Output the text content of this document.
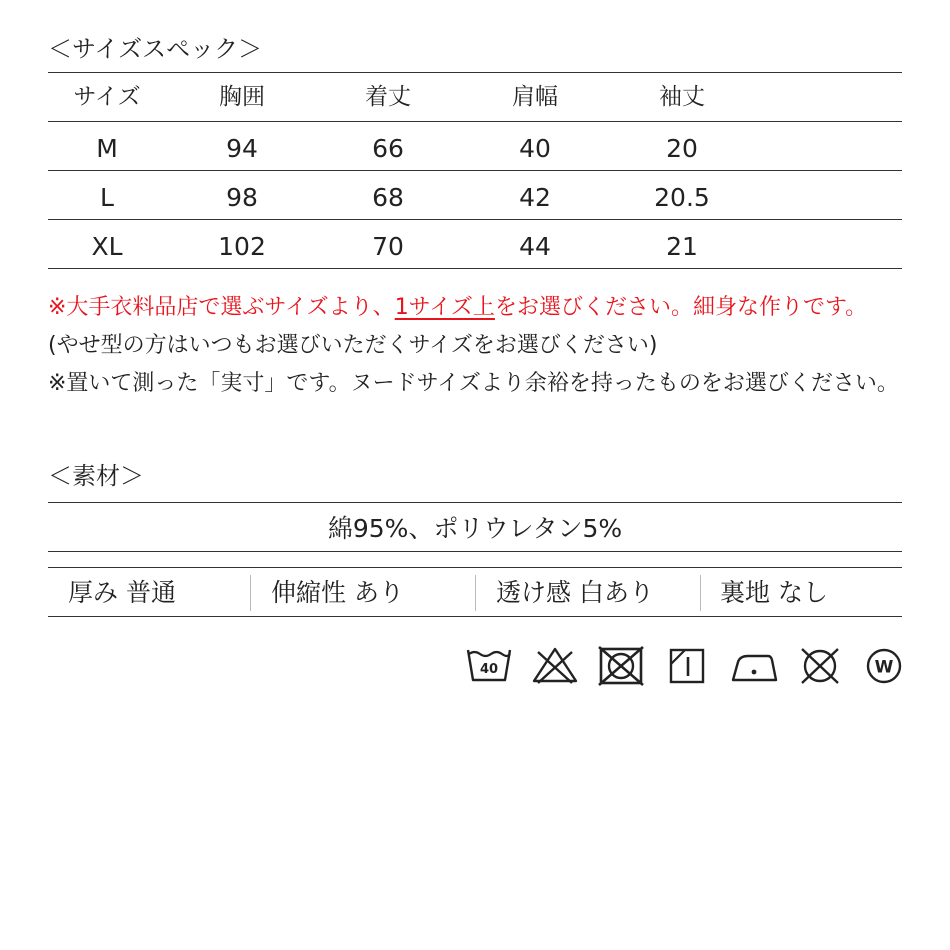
＜サイズスペック＞
サイズ	胸囲	着丈	肩幅	袖丈
M	94	66	40	20
L	98	68	42	20.5
XL	102	70	44	21
※大手衣料品店で選ぶサイズより、1サイズ上をお選びください。細身な作りです。
(やせ型の方はいつもお選びいただくサイズをお選びください)
※置いて測った「実寸」です。ヌードサイズより余裕を持ったものをお選びください。
＜素材＞
綿95%、ポリウレタン5%
厚み 普通	伸縮性 あり	透け感 白あり	裏地 なし
40	W
